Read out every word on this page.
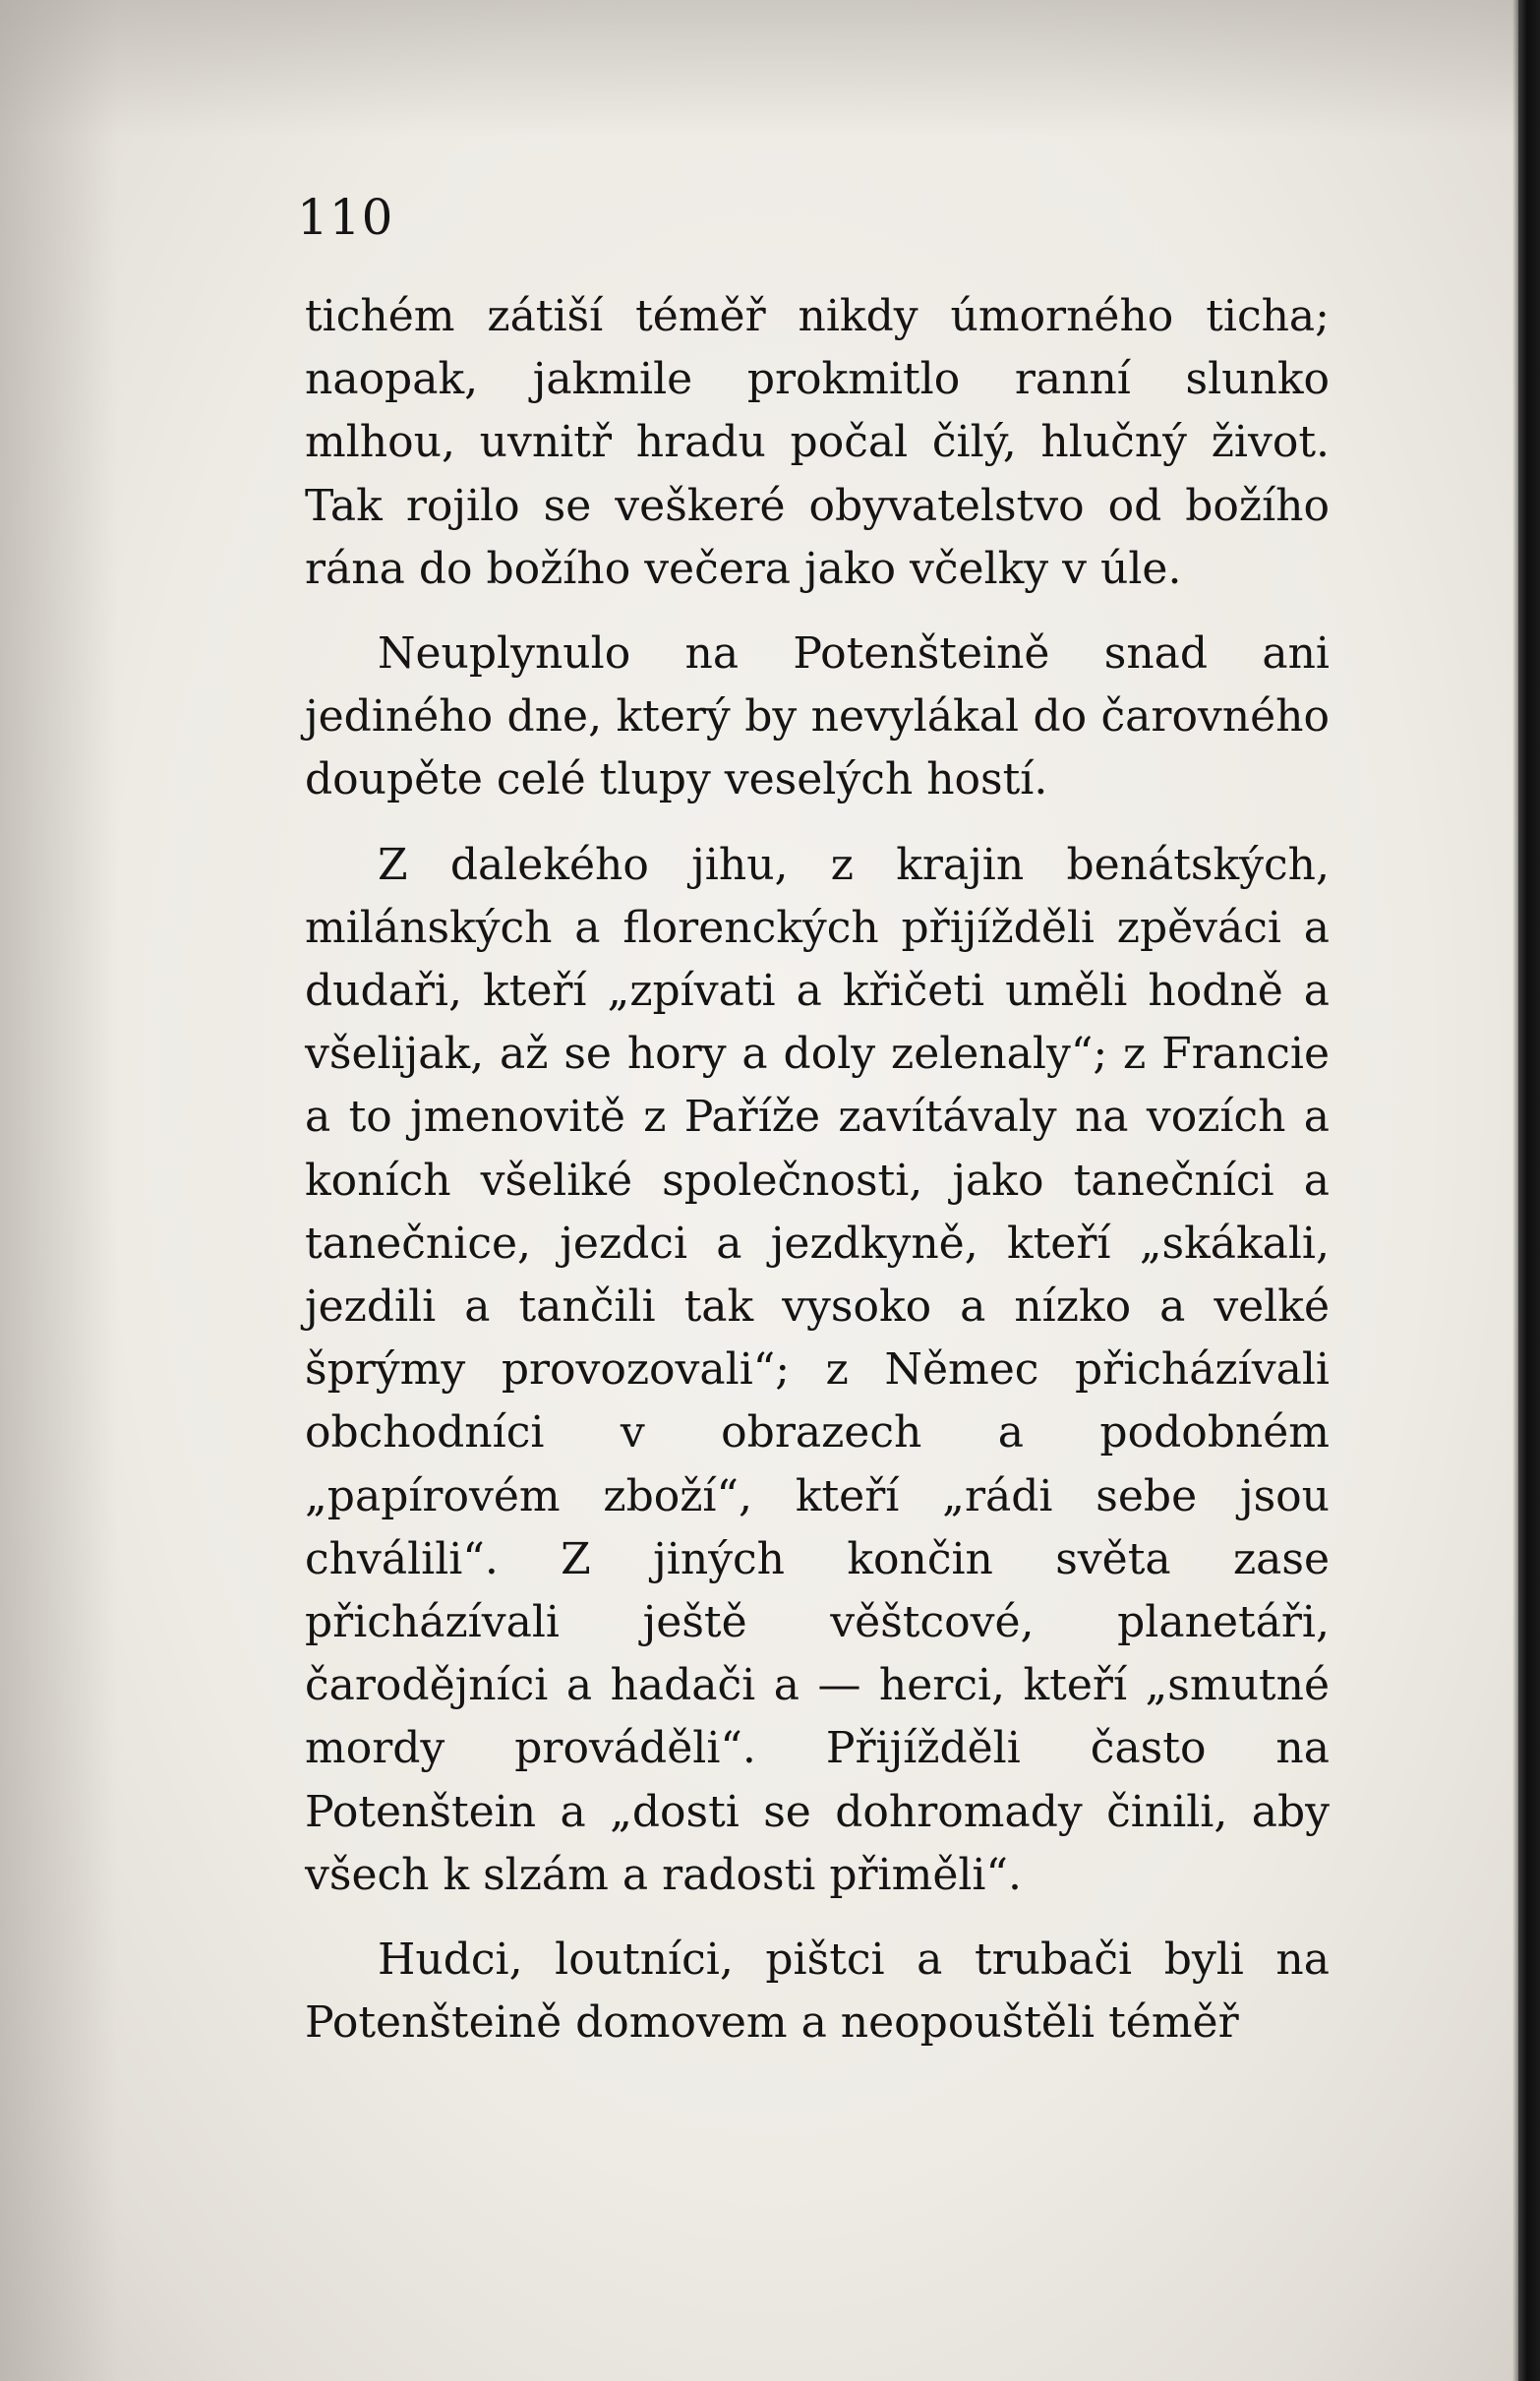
110

tichém zátiší téměř nikdy úmorného ticha; naopak, jakmile prokmitlo ranní slunko mlhou, uvnitř hradu počal čilý, hlučný život. Tak rojilo se veškeré obyvatelstvo od božího rána do božího večera jako včelky v úle.

Neuplynulo na Potenšteině snad ani jediného dne, který by nevylákal do čarovného doupěte celé tlupy veselých hostí.

Z dalekého jihu, z krajin benátských, milánských a florenckých přijížděli zpěváci a dudaři, kteří „zpívati a křičeti uměli hodně a všelijak, až se hory a doly zelenaly“; z Francie a to jmenovitě z Paříže zavítávaly na vozích a koních všeliké společnosti, jako tanečníci a tanečnice, jezdci a jezdkyně, kteří „skákali, jezdili a tančili tak vysoko a nízko a velké šprýmy provozovali“; z Němec přicházívali obchodníci v obrazech a podobném „papírovém zboží“, kteří „rádi sebe jsou chválili“. Z jiných končin světa zase přicházívali ještě věštcové, planetáři, čarodějníci a hadači a — herci, kteří „smutné mordy prováděli“. Přijížděli často na Potenštein a „dosti se dohromady činili, aby všech k slzám a radosti přiměli“.

Hudci, loutníci, pištci a trubači byli na Potenšteině domovem a neopouštěli téměř
